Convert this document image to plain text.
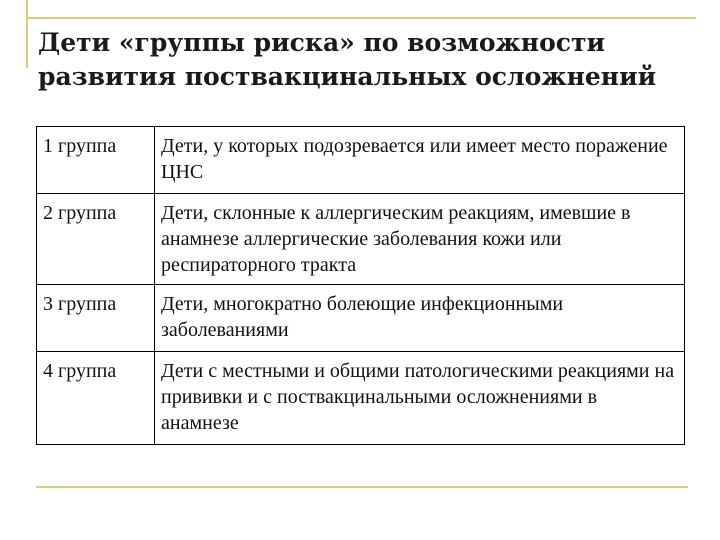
Дети «группы риска» по возможности
развития поствакцинальных осложнений
1 группа	Дети, у которых подозревается или имеет место поражение ЦНС
2 группа	Дети, склонные к аллергическим реакциям, имевшие в анамнезе аллергические заболевания кожи или респираторного тракта
3 группа	Дети, многократно болеющие инфекционными заболеваниями
4 группа	Дети с местными и общими патологическими реакциями на прививки и с поствакцинальными осложнениями в анамнезе
